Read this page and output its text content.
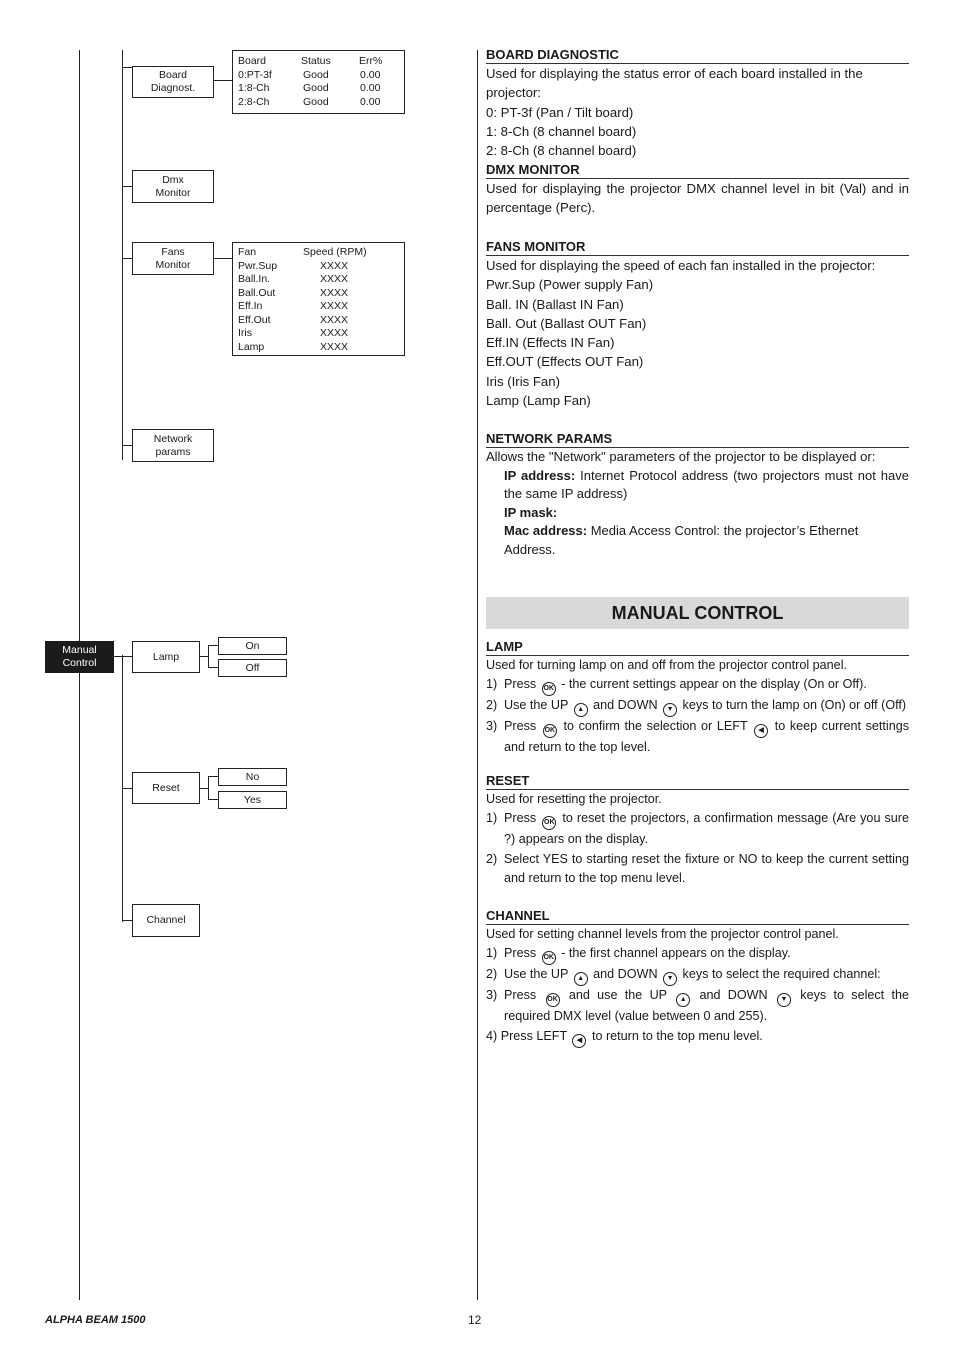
Board
Diagnost.
Dmx
Monitor
Fans
Monitor
Network
params
Manual
Control
Lamp
On
Off
Reset
No
Yes
Channel
Board	Status	Err%
0:PT-3f	Good	0.00
1:8-Ch	Good	0.00
2:8-Ch	Good	0.00
Fan	Speed (RPM)
Pwr.Sup	XXXX
Ball.In.	XXXX
Ball.Out	XXXX
Eff.In	XXXX
Eff.Out	XXXX
Iris	XXXX
Lamp	XXXX
BOARD DIAGNOSTIC

Used for displaying the status error of each board installed in the projector:

0: PT-3f (Pan / Tilt board)

1: 8-Ch (8 channel board)

2: 8-Ch (8 channel board)

DMX MONITOR

Used for displaying the projector DMX channel level in bit (Val) and in percentage (Perc).

FANS MONITOR

Used for displaying the speed of each fan installed in the projector:

Pwr.Sup (Power supply Fan)

Ball. IN (Ballast IN Fan)

Ball. Out (Ballast OUT Fan)

Eff.IN (Effects IN Fan)

Eff.OUT (Effects OUT Fan)

Iris (Iris Fan)

Lamp (Lamp Fan)

NETWORK PARAMS

Allows the "Network" parameters of the projector to be displayed or:

IP address: Internet Protocol address (two projectors must not have the same IP address)

IP mask:

Mac address: Media Access Control: the projector’s Ethernet Address.

MANUAL CONTROL
LAMP

Used for turning lamp on and off from the projector control panel.

1) Press OK - the current settings appear on the display (On or Off).
2) Use the UP ▲ and DOWN ▼ keys to turn the lamp on (On) or off (Off)
3) Press OK to confirm the selection or LEFT ◀ to keep current settings and return to the top level.
RESET

Used for resetting the projector.

1) Press OK to reset the projectors, a confirmation message (Are you sure ?) appears on the display.
2) Select YES to starting reset the fixture or NO to keep the current setting and return to the top menu level.
CHANNEL

Used for setting channel levels from the projector control panel.

1) Press OK - the first channel appears on the display.
2) Use the UP ▲ and DOWN ▼ keys to select the required channel:
3) Press OK and use the UP ▲ and DOWN ▼ keys to select the required DMX level (value between 0 and 255).

4) Press LEFT ◀ to return to the top menu level.

ALPHA BEAM 1500	12
